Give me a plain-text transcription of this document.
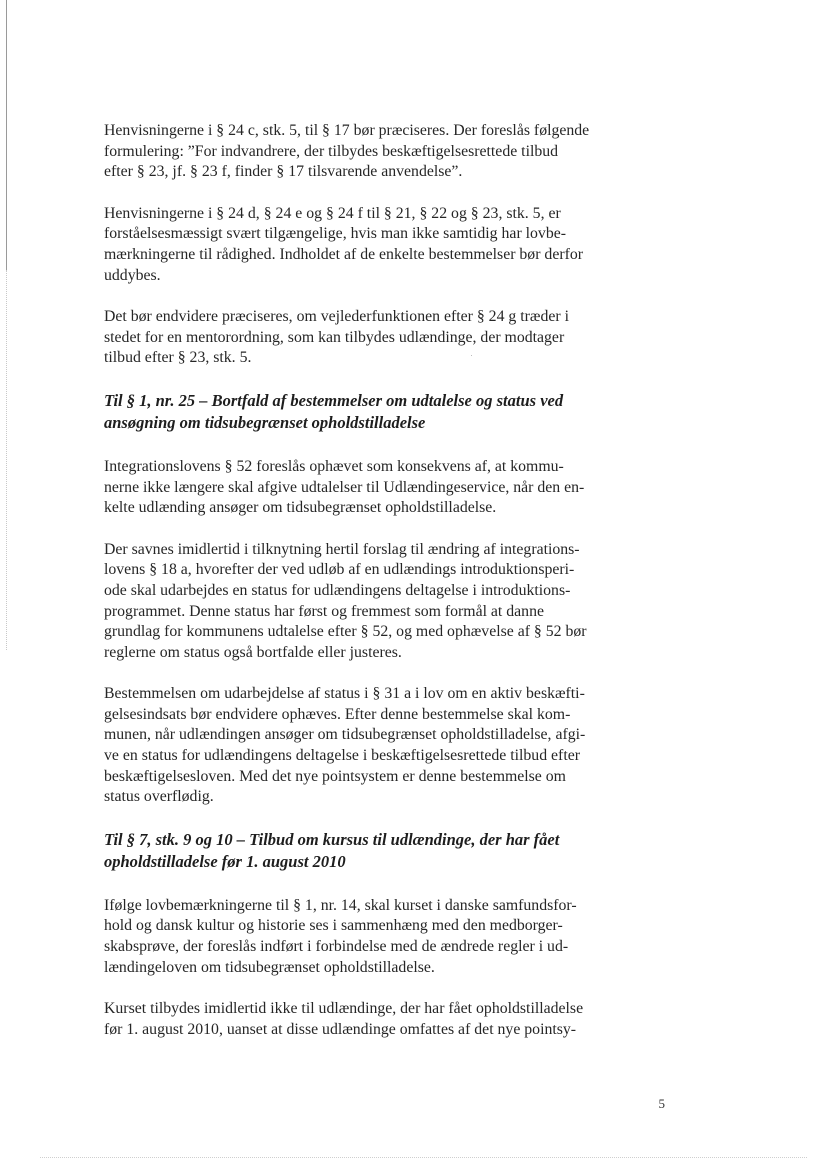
Henvisningerne i § 24 c, stk. 5, til § 17 bør præciseres. Der foreslås følgende
formulering: ”For indvandrere, der tilbydes beskæftigelsesrettede tilbud
efter § 23, jf. § 23 f, finder § 17 tilsvarende anvendelse”.
Henvisningerne i § 24 d, § 24 e og § 24 f til § 21, § 22 og § 23, stk. 5, er
forståelsesmæssigt svært tilgængelige, hvis man ikke samtidig har lovbe-
mærkningerne til rådighed. Indholdet af de enkelte bestemmelser bør derfor
uddybes.
Det bør endvidere præciseres, om vejlederfunktionen efter § 24 g træder i
stedet for en mentorordning, som kan tilbydes udlændinge, der modtager
tilbud efter § 23, stk. 5.
Til § 1, nr. 25 – Bortfald af bestemmelser om udtalelse og status ved
ansøgning om tidsubegrænset opholdstilladelse
Integrationslovens § 52 foreslås ophævet som konsekvens af, at kommu-
nerne ikke længere skal afgive udtalelser til Udlændingeservice, når den en-
kelte udlænding ansøger om tidsubegrænset opholdstilladelse.
Der savnes imidlertid i tilknytning hertil forslag til ændring af integrations-
lovens § 18 a, hvorefter der ved udløb af en udlændings introduktionsperi-
ode skal udarbejdes en status for udlændingens deltagelse i introduktions-
programmet. Denne status har først og fremmest som formål at danne
grundlag for kommunens udtalelse efter § 52, og med ophævelse af § 52 bør
reglerne om status også bortfalde eller justeres.
Bestemmelsen om udarbejdelse af status i § 31 a i lov om en aktiv beskæfti-
gelsesindsats bør endvidere ophæves. Efter denne bestemmelse skal kom-
munen, når udlændingen ansøger om tidsubegrænset opholdstilladelse, afgi-
ve en status for udlændingens deltagelse i beskæftigelsesrettede tilbud efter
beskæftigelsesloven. Med det nye pointsystem er denne bestemmelse om
status overflødig.
Til § 7, stk. 9 og 10 – Tilbud om kursus til udlændinge, der har fået
opholdstilladelse før 1. august 2010
Ifølge lovbemærkningerne til § 1, nr. 14, skal kurset i danske samfundsfor-
hold og dansk kultur og historie ses i sammenhæng med den medborger-
skabsprøve, der foreslås indført i forbindelse med de ændrede regler i ud-
lændingeloven om tidsubegrænset opholdstilladelse.
Kurset tilbydes imidlertid ikke til udlændinge, der har fået opholdstilladelse
før 1. august 2010, uanset at disse udlændinge omfattes af det nye pointsy-
5
